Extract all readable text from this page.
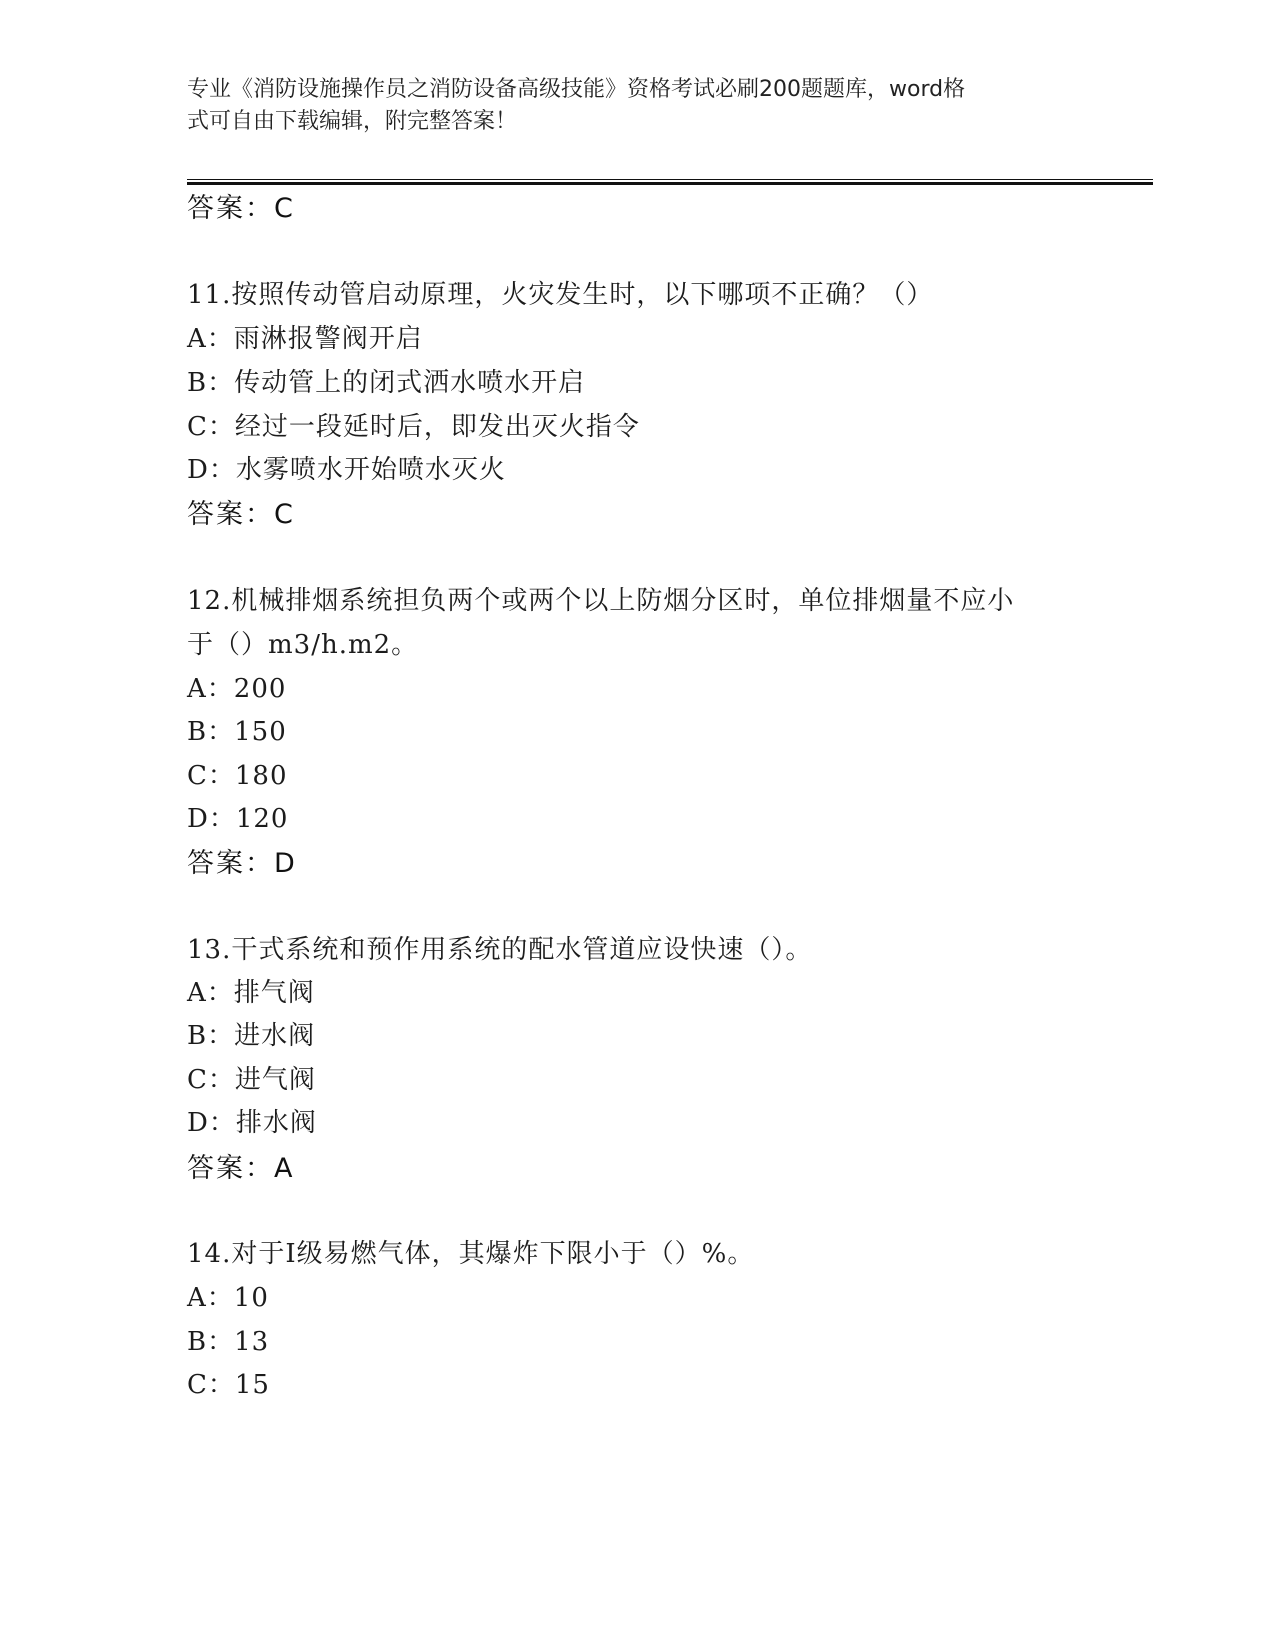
专业《消防设施操作员之消防设备高级技能》资格考试必刷200题题库，word格
式可自由下载编辑，附完整答案！
答案：C
11.按照传动管启动原理，火灾发生时，以下哪项不正确？（）
A：雨淋报警阀开启
B：传动管上的闭式洒水喷水开启
C：经过一段延时后，即发出灭火指令
D：水雾喷水开始喷水灭火
答案：C
12.机械排烟系统担负两个或两个以上防烟分区时，单位排烟量不应小
于（）m3/h.m2。
A：200
B：150
C：180
D：120
答案：D
13.干式系统和预作用系统的配水管道应设快速（）。
A：排气阀
B：进水阀
C：进气阀
D：排水阀
答案：A
14.对于Ⅰ级易燃气体，其爆炸下限小于（）%。
A：10
B：13
C：15
